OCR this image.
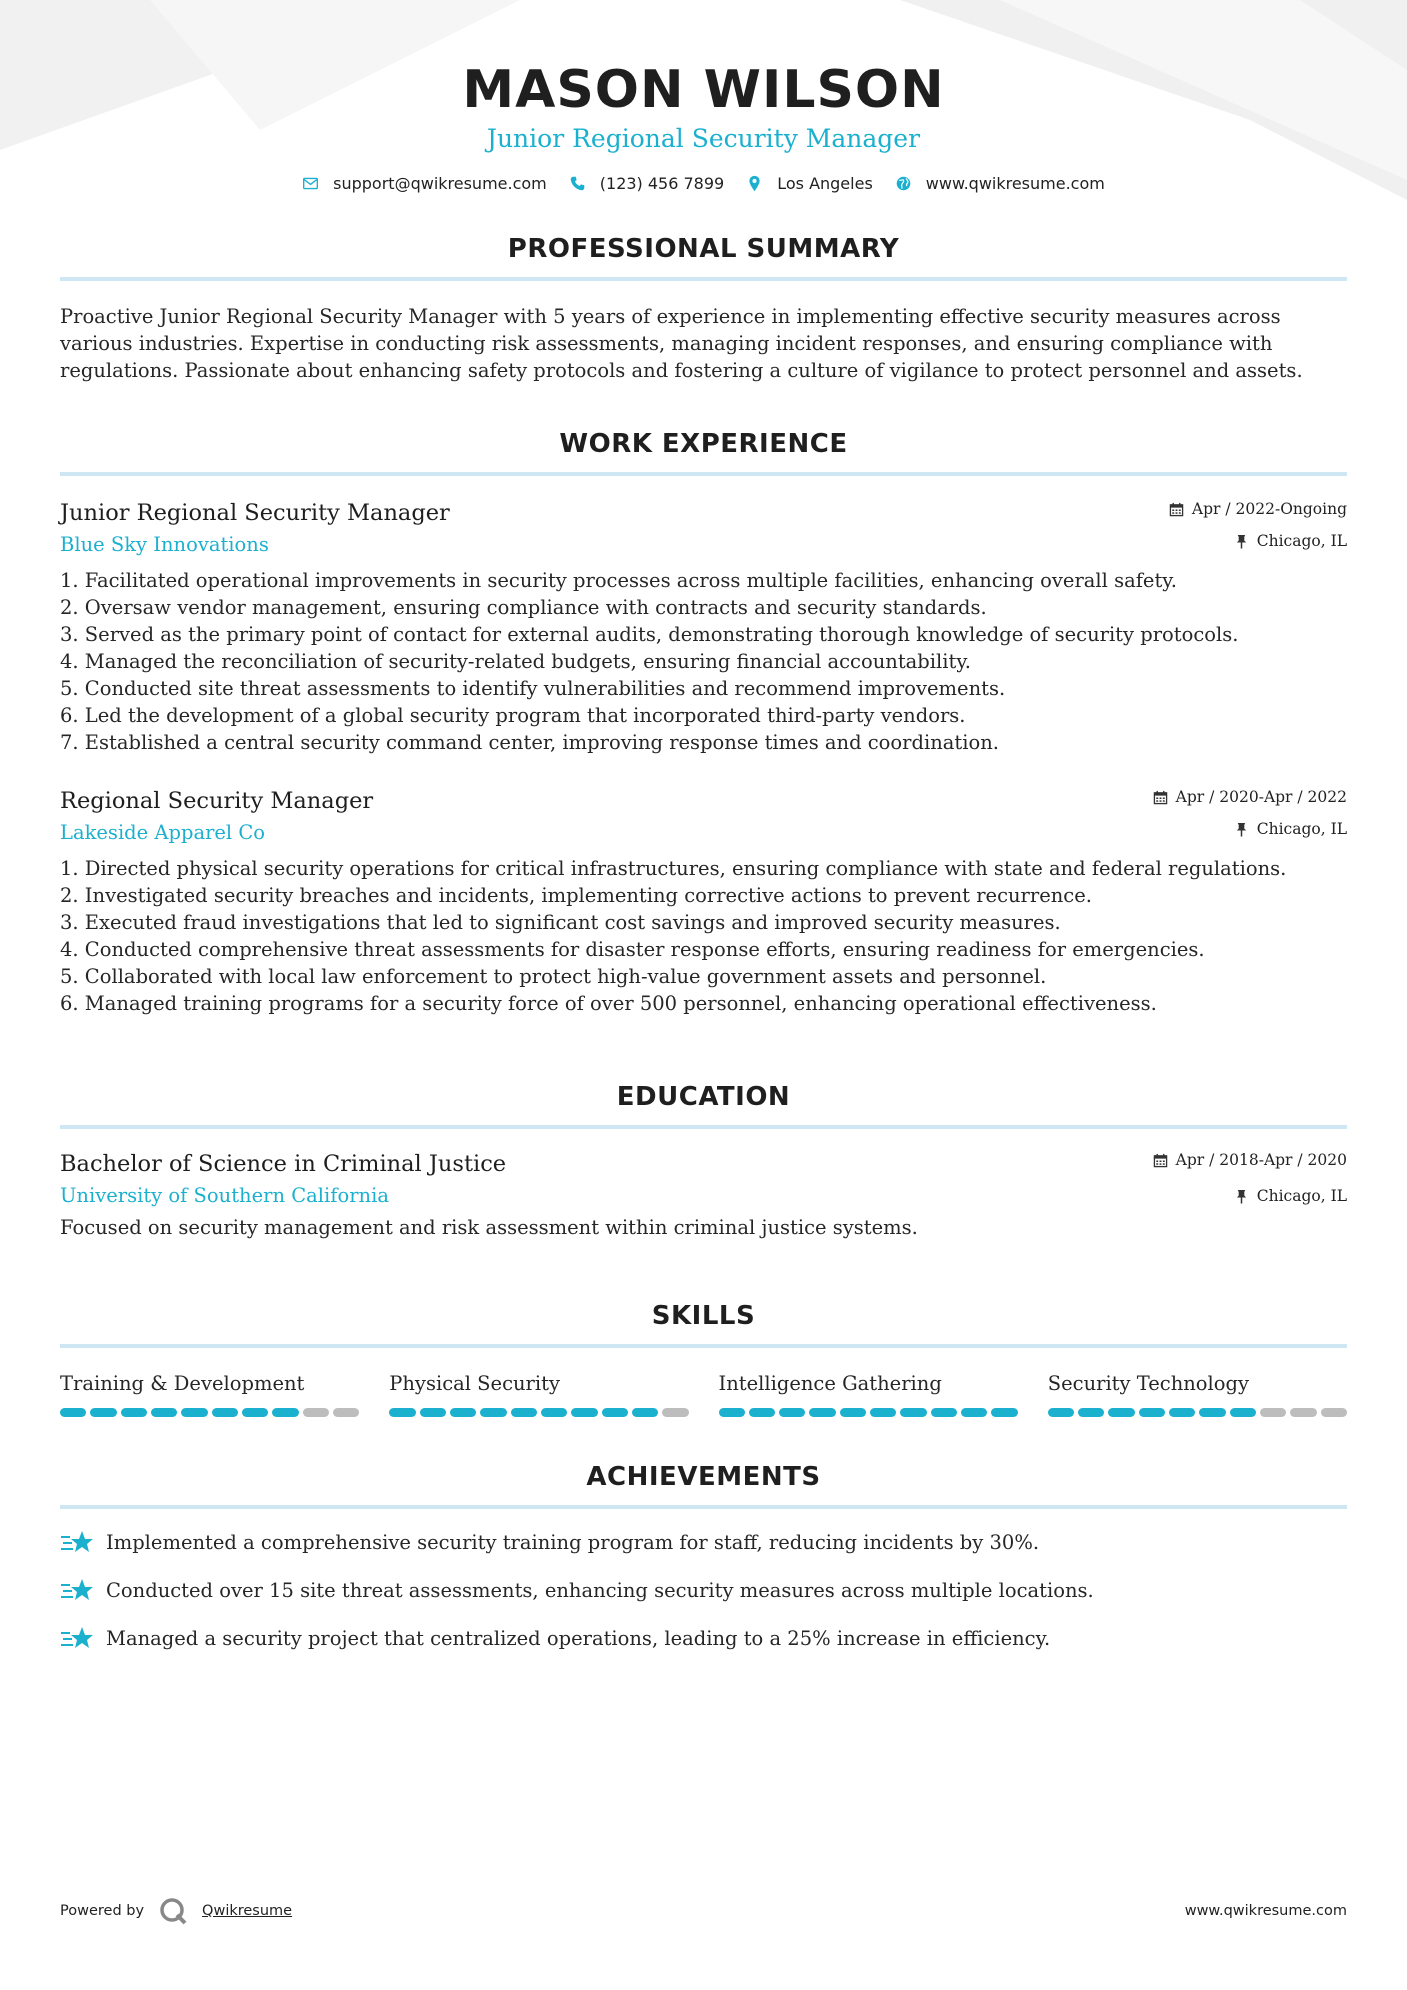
MASON WILSON
Junior Regional Security Manager
support@qwikresume.com	(123) 456 7899	Los Angeles	www.qwikresume.com
PROFESSIONAL SUMMARY

Proactive Junior Regional Security Manager with 5 years of experience in implementing effective security measures across various industries. Expertise in conducting risk assessments, managing incident responses, and ensuring compliance with regulations. Passionate about enhancing safety protocols and fostering a culture of vigilance to protect personnel and assets.

WORK EXPERIENCE
Junior Regional Security Manager
Blue Sky Innovations
Apr / 2022-Ongoing
Chicago, IL
1. Facilitated operational improvements in security processes across multiple facilities, enhancing overall safety.
2. Oversaw vendor management, ensuring compliance with contracts and security standards.
3. Served as the primary point of contact for external audits, demonstrating thorough knowledge of security protocols.
4. Managed the reconciliation of security-related budgets, ensuring financial accountability.
5. Conducted site threat assessments to identify vulnerabilities and recommend improvements.
6. Led the development of a global security program that incorporated third-party vendors.
7. Established a central security command center, improving response times and coordination.
Regional Security Manager
Lakeside Apparel Co
Apr / 2020-Apr / 2022
Chicago, IL
1. Directed physical security operations for critical infrastructures, ensuring compliance with state and federal regulations.
2. Investigated security breaches and incidents, implementing corrective actions to prevent recurrence.
3. Executed fraud investigations that led to significant cost savings and improved security measures.
4. Conducted comprehensive threat assessments for disaster response efforts, ensuring readiness for emergencies.
5. Collaborated with local law enforcement to protect high-value government assets and personnel.
6. Managed training programs for a security force of over 500 personnel, enhancing operational effectiveness.
EDUCATION
Bachelor of Science in Criminal Justice
University of Southern California
Apr / 2018-Apr / 2020
Chicago, IL

Focused on security management and risk assessment within criminal justice systems.

SKILLS
Training & Development	Physical Security	Intelligence Gathering	Security Technology
ACHIEVEMENTS
Implemented a comprehensive security training program for staff, reducing incidents by 30%.
Conducted over 15 site threat assessments, enhancing security measures across multiple locations.
Managed a security project that centralized operations, leading to a 25% increase in efficiency.
Powered by	Qwikresume	www.qwikresume.com
